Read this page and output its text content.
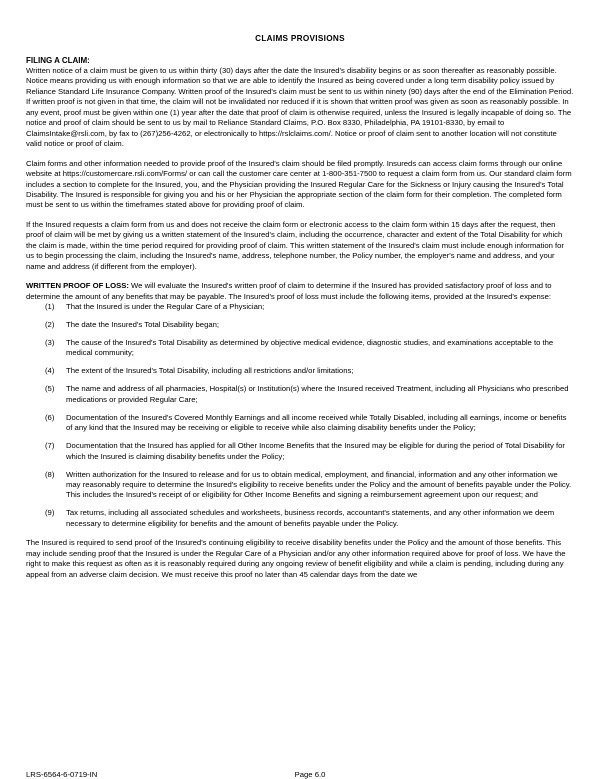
CLAIMS PROVISIONS
FILING A CLAIM:

Written notice of a claim must be given to us within thirty (30) days after the date the Insured's disability begins or as soon thereafter as reasonably possible. Notice means providing us with enough information so that we are able to identify the Insured as being covered under a long term disability policy issued by Reliance Standard Life Insurance Company. Written proof of the Insured's claim must be sent to us within ninety (90) days after the end of the Elimination Period. If written proof is not given in that time, the claim will not be invalidated nor reduced if it is shown that written proof was given as soon as reasonably possible. In any event, proof must be given within one (1) year after the date that proof of claim is otherwise required, unless the Insured is legally incapable of doing so. The notice and proof of claim should be sent to us by mail to Reliance Standard Claims, P.O. Box 8330, Philadelphia, PA 19101-8330, by email to ClaimsIntake@rsli.com, by fax to (267)256-4262, or electronically to https://rslclaims.com/. Notice or proof of claim sent to another location will not constitute valid notice or proof of claim.

Claim forms and other information needed to provide proof of the Insured's claim should be filed promptly. Insureds can access claim forms through our online website at https://customercare.rsli.com/Forms/ or can call the customer care center at 1-800-351-7500 to request a claim form from us. Our standard claim form includes a section to complete for the Insured, you, and the Physician providing the Insured Regular Care for the Sickness or Injury causing the Insured's Total Disability. The Insured is responsible for giving you and his or her Physician the appropriate section of the claim form for their completion. The completed form must be sent to us within the timeframes stated above for providing proof of claim.

If the Insured requests a claim form from us and does not receive the claim form or electronic access to the claim form within 15 days after the request, then proof of claim will be met by giving us a written statement of the Insured's claim, including the occurrence, character and extent of the Total Disability for which the claim is made, within the time period required for providing proof of claim. This written statement of the Insured's claim must include enough information for us to begin processing the claim, including the Insured's name, address, telephone number, the Policy number, the employer's name and address, and your name and address (if different from the employer).

WRITTEN PROOF OF LOSS: We will evaluate the Insured's written proof of claim to determine if the Insured has provided satisfactory proof of loss and to determine the amount of any benefits that may be payable. The Insured's proof of loss must include the following items, provided at the Insured's expense:

(1)	That the Insured is under the Regular Care of a Physician;
(2)	The date the Insured's Total Disability began;
(3)	The cause of the Insured's Total Disability as determined by objective medical evidence, diagnostic studies, and examinations acceptable to the medical community;
(4)	The extent of the Insured's Total Disability, including all restrictions and/or limitations;
(5)	The name and address of all pharmacies, Hospital(s) or Institution(s) where the Insured received Treatment, including all Physicians who prescribed medications or provided Regular Care;
(6)	Documentation of the Insured's Covered Monthly Earnings and all income received while Totally Disabled, including all earnings, income or benefits of any kind that the Insured may be receiving or eligible to receive while also claiming disability benefits under the Policy;
(7)	Documentation that the Insured has applied for all Other Income Benefits that the Insured may be eligible for during the period of Total Disability for which the Insured is claiming disability benefits under the Policy;
(8)	Written authorization for the Insured to release and for us to obtain medical, employment, and financial, information and any other information we may reasonably require to determine the Insured's eligibility to receive benefits under the Policy and the amount of benefits payable under the Policy. This includes the Insured's receipt of or eligibility for Other Income Benefits and signing a reimbursement agreement upon our request; and
(9)	Tax returns, including all associated schedules and worksheets, business records, accountant's statements, and any other information we deem necessary to determine eligibility for benefits and the amount of benefits payable under the Policy.

The Insured is required to send proof of the Insured's continuing eligibility to receive disability benefits under the Policy and the amount of those benefits. This may include sending proof that the Insured is under the Regular Care of a Physician and/or any other information required above for proof of loss. We have the right to make this request as often as it is reasonably required during any ongoing review of benefit eligibility and while a claim is pending, including during any appeal from an adverse claim decision. We must receive this proof no later than 45 calendar days from the date we

LRS-6564-6-0719-IN	Page 6.0
